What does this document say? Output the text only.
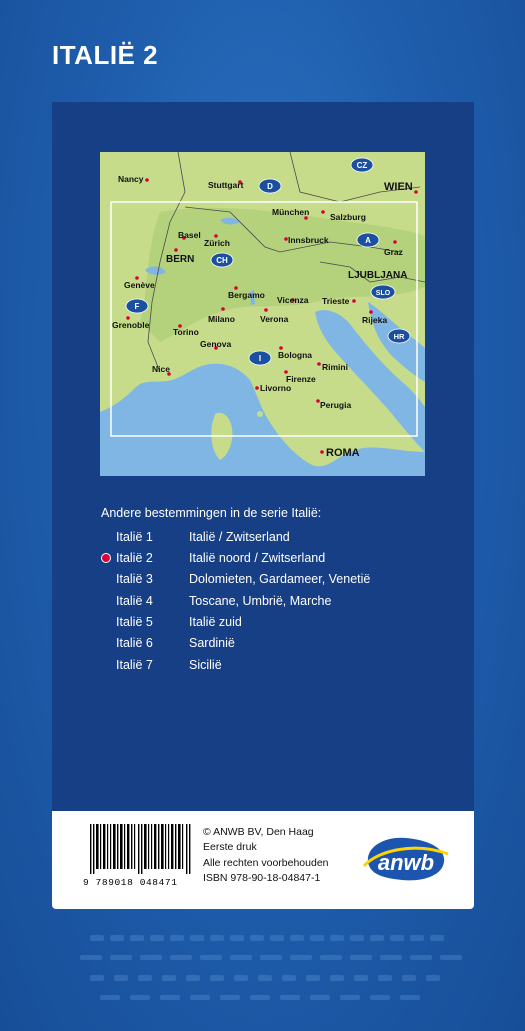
ITALIË 2
CZ
D
A
CH
SLO
F
HR
I
Nancy
Stuttgart	WIEN
München Salzburg
Basel
Zürich	Innsbruck
Graz
BERN
LJUBLJANA
Genève
Bergamo Vicenza Trieste
Grenoble
Milano	Verona	Rijeka
Torino
Genova
Bologna
Rimini
Nice
Firenze
Livorno
Perugia
ROMA
Andere bestemmingen in de serie Italië:
Italië 1	Italië / Zwitserland
Italië 2	Italië noord / Zwitserland
Italië 3	Dolomieten, Gardameer, Venetië
Italië 4	Toscane, Umbrië, Marche
Italië 5	Italië zuid
Italië 6	Sardinië
Italië 7	Sicilië
9 789018 048471
© ANWB BV, Den Haag
Eerste druk
Alle rechten voorbehouden
ISBN 978-90-18-04847-1
anwb
